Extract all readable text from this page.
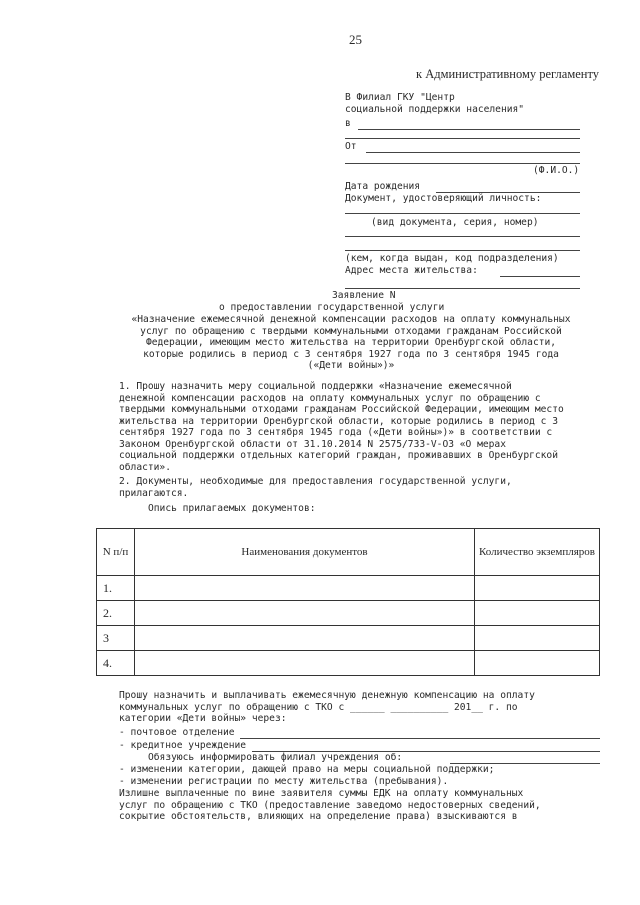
25
к Административному регламенту
В Филиал ГКУ "Центр
социальной поддержки населения"
в
От
(Ф.И.О.)
Дата рождения
Документ, удостоверяющий личность:
(вид документа, серия, номер)
(кем, когда выдан, код подразделения)
Адрес места жительства:
Заявление N
о предоставлении государственной услуги
«Назначение ежемесячной денежной компенсации расходов на оплату коммунальных
услуг по обращению с твердыми коммунальными отходами гражданам Российской
Федерации, имеющим место жительства на территории Оренбургской области,
которые родились в период с 3 сентября 1927 года по 3 сентября 1945 года
(«Дети войны»)»
1. Прошу назначить меру социальной поддержки «Назначение ежемесячной
денежной компенсации расходов на оплату коммунальных услуг по обращению с
твердыми коммунальными отходами гражданам Российской Федерации, имеющим место
жительства на территории Оренбургской области, которые родились в период с 3
сентября 1927 года по 3 сентября 1945 года («Дети войны»)» в соответствии с
Законом Оренбургской области от 31.10.2014 N 2575/733-V-ОЗ «О мерах
социальной поддержки отдельных категорий граждан, проживавших в Оренбургской
области».
2. Документы, необходимые для предоставления государственной услуги,
прилагаются.
Опись прилагаемых документов:
N п/п	Наименования документов	Количество экземпляров
1.		
2.		
3		
4.		
Прошу назначить и выплачивать ежемесячную денежную компенсацию на оплату
коммунальных услуг по обращению с ТКО с ______ __________ 201__ г. по
категории «Дети войны» через:
- почтовое отделение
- кредитное учреждение
Обязуюсь информировать филиал учреждения об:
- изменении категории, дающей право на меры социальной поддержки;
- изменении регистрации по месту жительства (пребывания).
Излишне выплаченные по вине заявителя суммы ЕДК на оплату коммунальных
услуг по обращению с ТКО (предоставление заведомо недостоверных сведений,
сокрытие обстоятельств, влияющих на определение права) взыскиваются в
